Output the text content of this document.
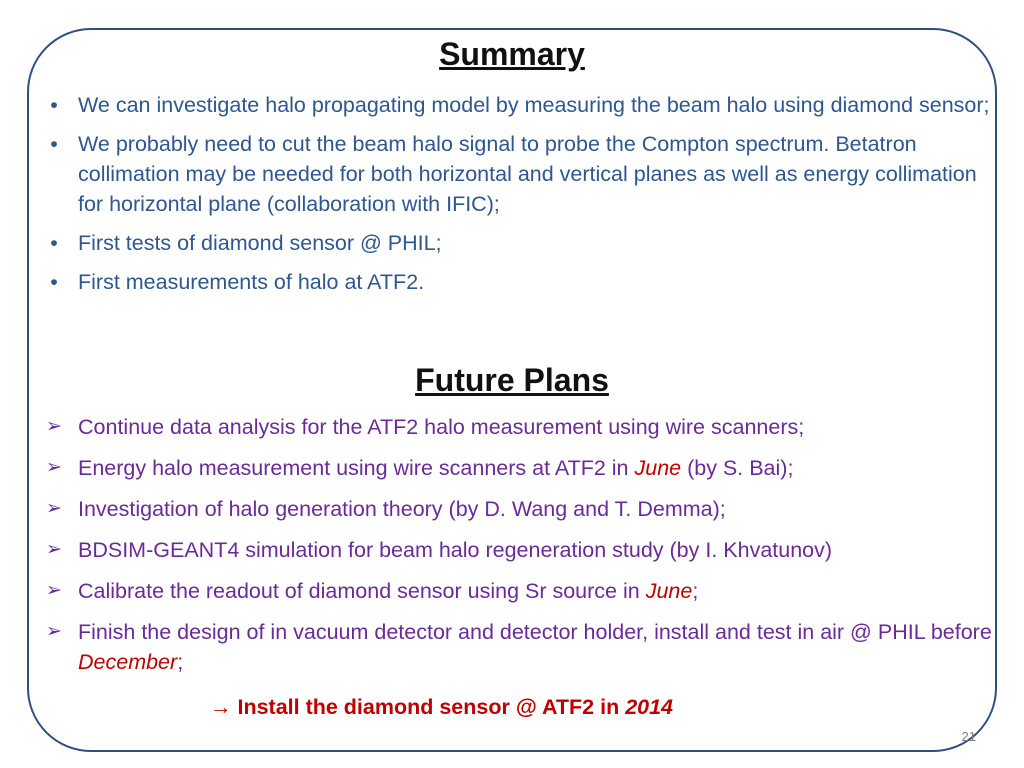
Summary
• We can investigate halo propagating model by measuring the beam halo using diamond sensor;
• We probably need to cut the beam halo signal to probe the Compton spectrum. Betatron collimation may be needed for both horizontal and vertical planes as well as energy collimation for horizontal plane (collaboration with IFIC);
• First tests of diamond sensor @ PHIL;
• First measurements of halo at ATF2.
Future Plans
➢ Continue data analysis for the ATF2 halo measurement using wire scanners;
➢ Energy halo measurement using wire scanners at ATF2 in June (by S. Bai);
➢ Investigation of halo generation theory (by D. Wang and T. Demma);
➢ BDSIM-GEANT4 simulation for beam halo regeneration study (by I. Khvatunov)
➢ Calibrate the readout of diamond sensor using Sr source in June;
➢ Finish the design of in vacuum detector and detector holder, install and test in air @ PHIL before December;
→ Install the diamond sensor @ ATF2 in 2014
21
